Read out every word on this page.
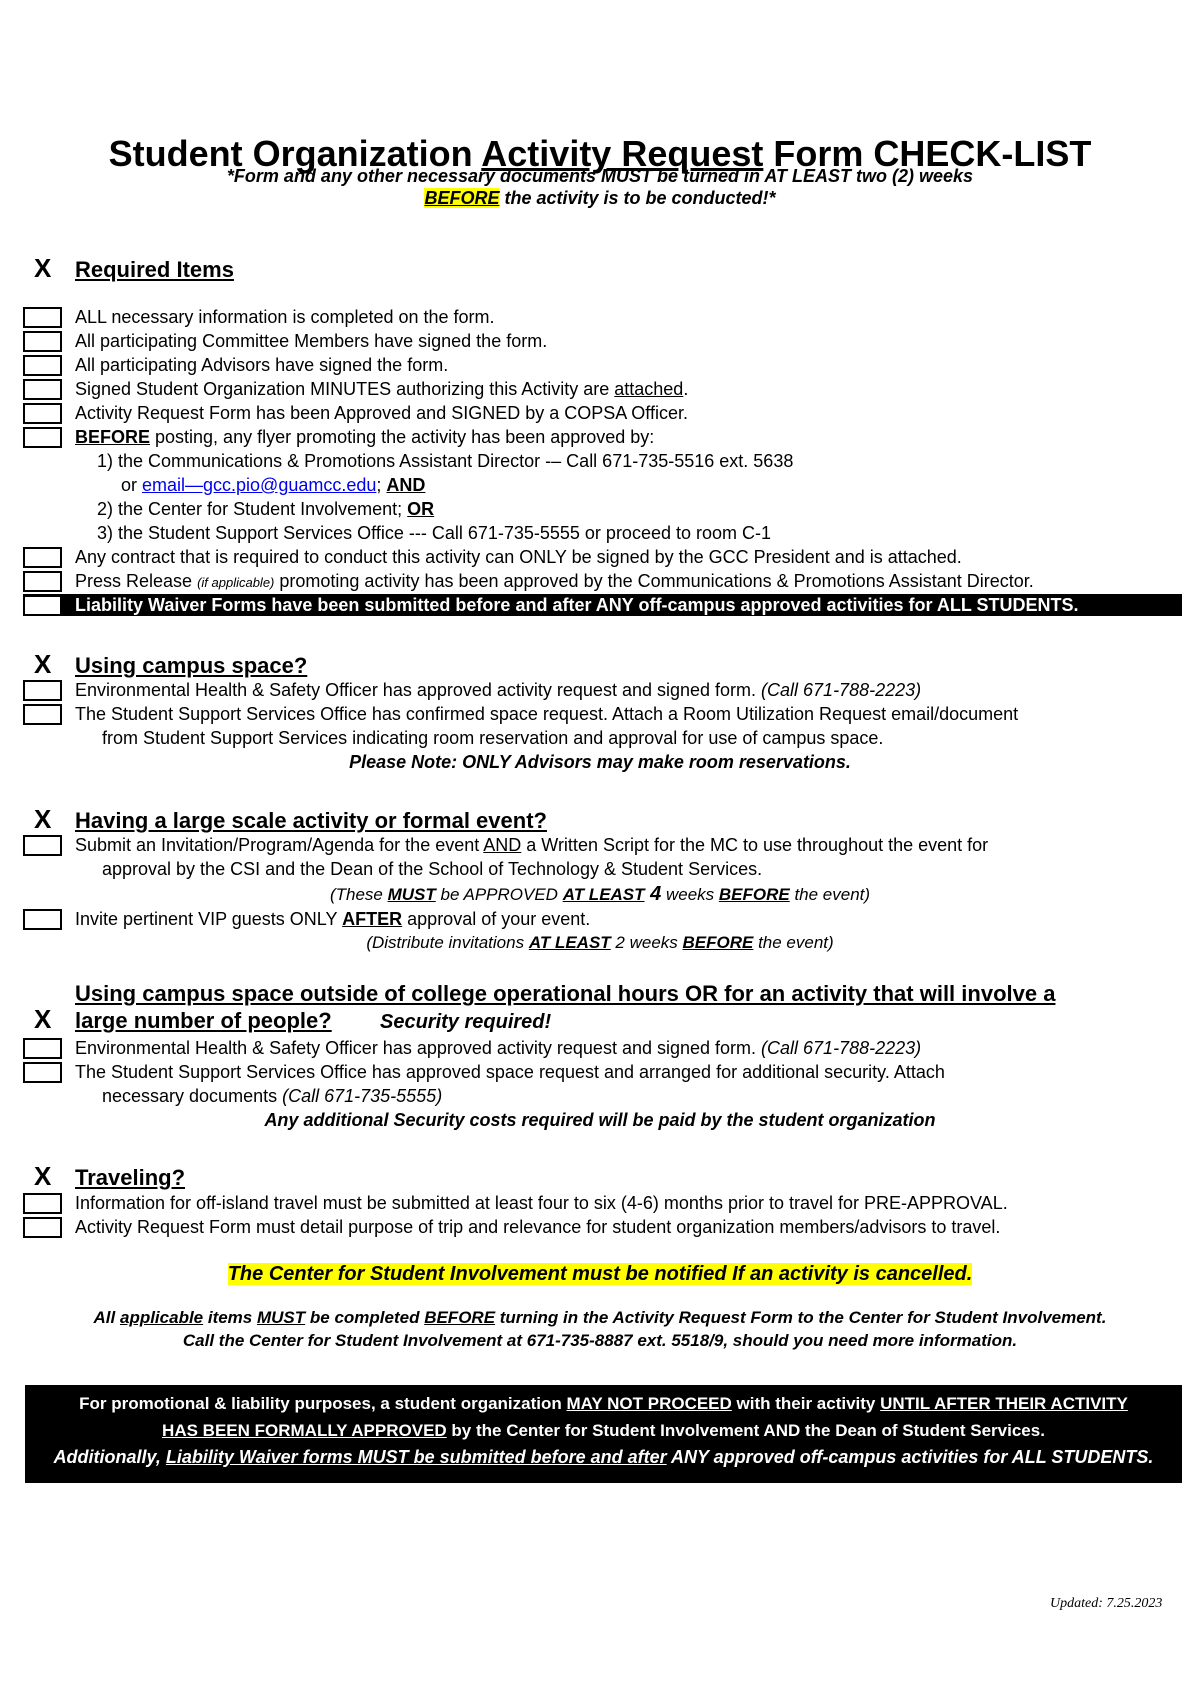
Student Organization Activity Request Form CHECK-LIST
*Form and any other necessary documents MUST be turned in AT LEAST two (2) weeks
BEFORE the activity is to be conducted!*
X Required Items
ALL necessary information is completed on the form.
All participating Committee Members have signed the form.
All participating Advisors have signed the form.
Signed Student Organization MINUTES authorizing this Activity are attached.
Activity Request Form has been Approved and SIGNED by a COPSA Officer.
BEFORE posting, any flyer promoting the activity has been approved by:
1) the Communications & Promotions Assistant Director -– Call 671-735-5516 ext. 5638
or email—gcc.pio@guamcc.edu; AND
2) the Center for Student Involvement; OR
3) the Student Support Services Office --- Call 671-735-5555 or proceed to room C-1
Any contract that is required to conduct this activity can ONLY be signed by the GCC President and is attached.
Press Release (if applicable) promoting activity has been approved by the Communications & Promotions Assistant Director.
Liability Waiver Forms have been submitted before and after ANY off-campus approved activities for ALL STUDENTS.
X Using campus space?
Environmental Health & Safety Officer has approved activity request and signed form. (Call 671-788-2223)
The Student Support Services Office has confirmed space request. Attach a Room Utilization Request email/document
from Student Support Services indicating room reservation and approval for use of campus space.
Please Note: ONLY Advisors may make room reservations.
X Having a large scale activity or formal event?
Submit an Invitation/Program/Agenda for the event AND a Written Script for the MC to use throughout the event for
approval by the CSI and the Dean of the School of Technology & Student Services.
(These MUST be APPROVED AT LEAST 4 weeks BEFORE the event)
Invite pertinent VIP guests ONLY AFTER approval of your event.
(Distribute invitations AT LEAST 2 weeks BEFORE the event)
Using campus space outside of college operational hours OR for an activity that will involve a
X large number of people? Security required!
Environmental Health & Safety Officer has approved activity request and signed form. (Call 671-788-2223)
The Student Support Services Office has approved space request and arranged for additional security. Attach
necessary documents (Call 671-735-5555)
Any additional Security costs required will be paid by the student organization
X Traveling?
Information for off-island travel must be submitted at least four to six (4-6) months prior to travel for PRE-APPROVAL.
Activity Request Form must detail purpose of trip and relevance for student organization members/advisors to travel.
The Center for Student Involvement must be notified If an activity is cancelled.
All applicable items MUST be completed BEFORE turning in the Activity Request Form to the Center for Student Involvement.
Call the Center for Student Involvement at 671-735-8887 ext. 5518/9, should you need more information.
For promotional & liability purposes, a student organization MAY NOT PROCEED with their activity UNTIL AFTER THEIR ACTIVITY
HAS BEEN FORMALLY APPROVED by the Center for Student Involvement AND the Dean of Student Services.
Additionally, Liability Waiver forms MUST be submitted before and after ANY approved off-campus activities for ALL STUDENTS.
Updated: 7.25.2023
